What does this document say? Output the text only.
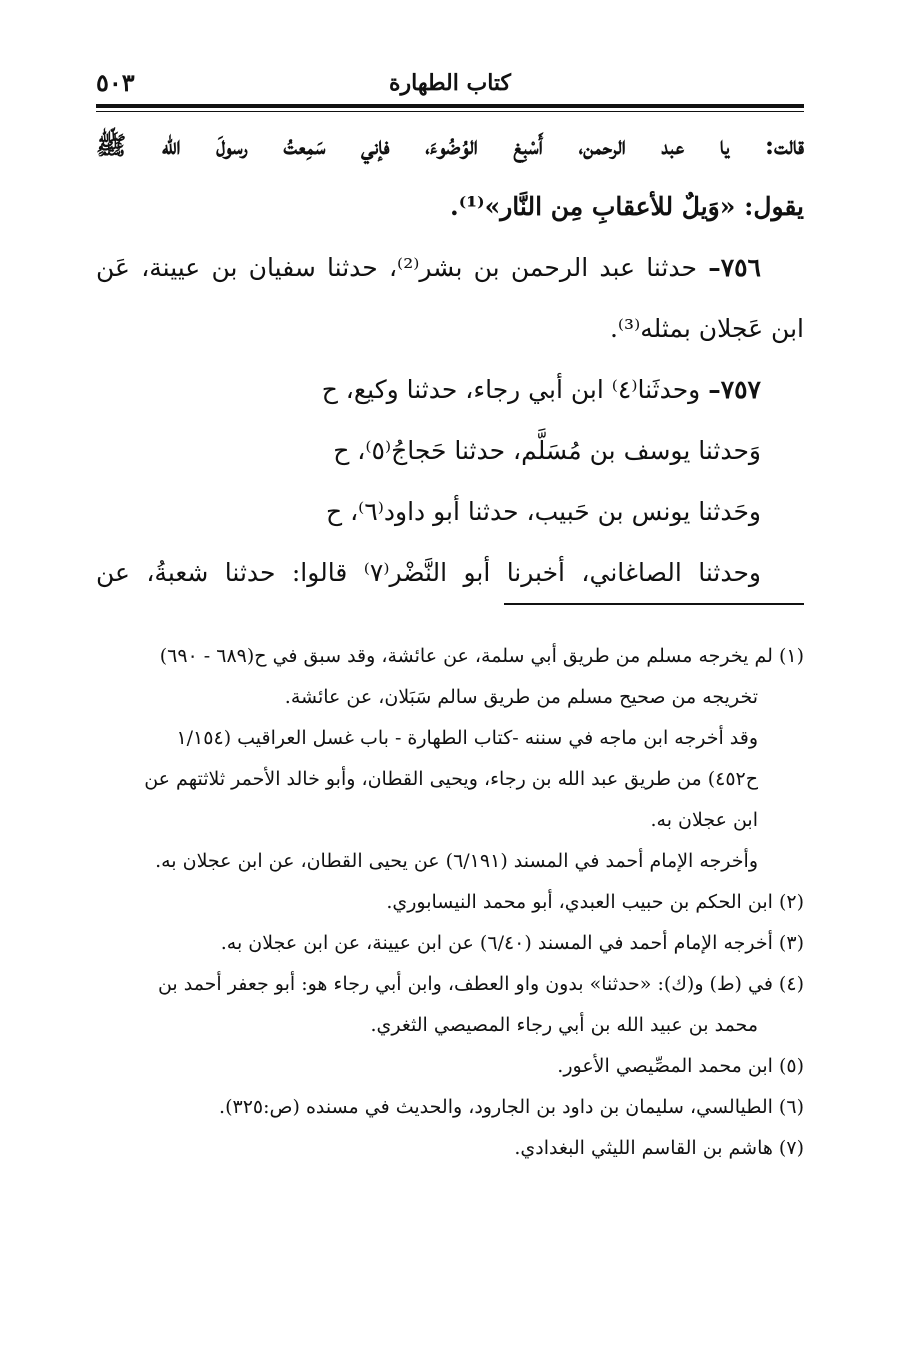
كتاب الطهارة
٥٠٣
قالت: يا عبد الرحمن، أَسْبِغ الوُضُوءَ، فإني سَمِعتُ رسولَ الله ﷺ
يقول: «وَيلٌ للأعقابِ مِن النَّار»⁽¹⁾.
٧٥٦– حدثنا عبد الرحمن بن بشر⁽²⁾، حدثنا سفيان بن عيينة، عَن
ابن عَجلان بمثله⁽³⁾.
٧٥٧– وحدثَنا⁽٤⁾ ابن أبي رجاء، حدثنا وكيع، ح
وَحدثنا يوسف بن مُسَلَّم، حدثنا حَجاجُ⁽٥⁾، ح
وحَدثنا يونس بن حَبيب، حدثنا أبو داود⁽٦⁾، ح
وحدثنا الصاغاني، أخبرنا أبو النَّضْر⁽٧⁾ قالوا: حدثنا شعبةُ، عن
(١) لم يخرجه مسلم من طريق أبي سلمة، عن عائشة، وقد سبق في ح(٦٨٩ - ٦٩٠)
تخريجه من صحيح مسلم من طريق سالم سَبَلان، عن عائشة.
وقد أخرجه ابن ماجه في سننه -كتاب الطهارة - باب غسل العراقيب (١/١٥٤
ح٤٥٢) من طريق عبد الله بن رجاء، ويحيى القطان، وأبو خالد الأحمر ثلاثتهم عن
ابن عجلان به.
وأخرجه الإمام أحمد في المسند (٦/١٩١) عن يحيى القطان، عن ابن عجلان به.
(٢) ابن الحكم بن حبيب العبدي، أبو محمد النيسابوري.
(٣) أخرجه الإمام أحمد في المسند (٦/٤٠) عن ابن عيينة، عن ابن عجلان به.
(٤) في (ط) و(ك): «حدثنا» بدون واو العطف، وابن أبي رجاء هو: أبو جعفر أحمد بن
محمد بن عبيد الله بن أبي رجاء المصيصي الثغري.
(٥) ابن محمد المصِّيصي الأعور.
(٦) الطيالسي، سليمان بن داود بن الجارود، والحديث في مسنده (ص:٣٢٥).
(٧) هاشم بن القاسم الليثي البغدادي.
